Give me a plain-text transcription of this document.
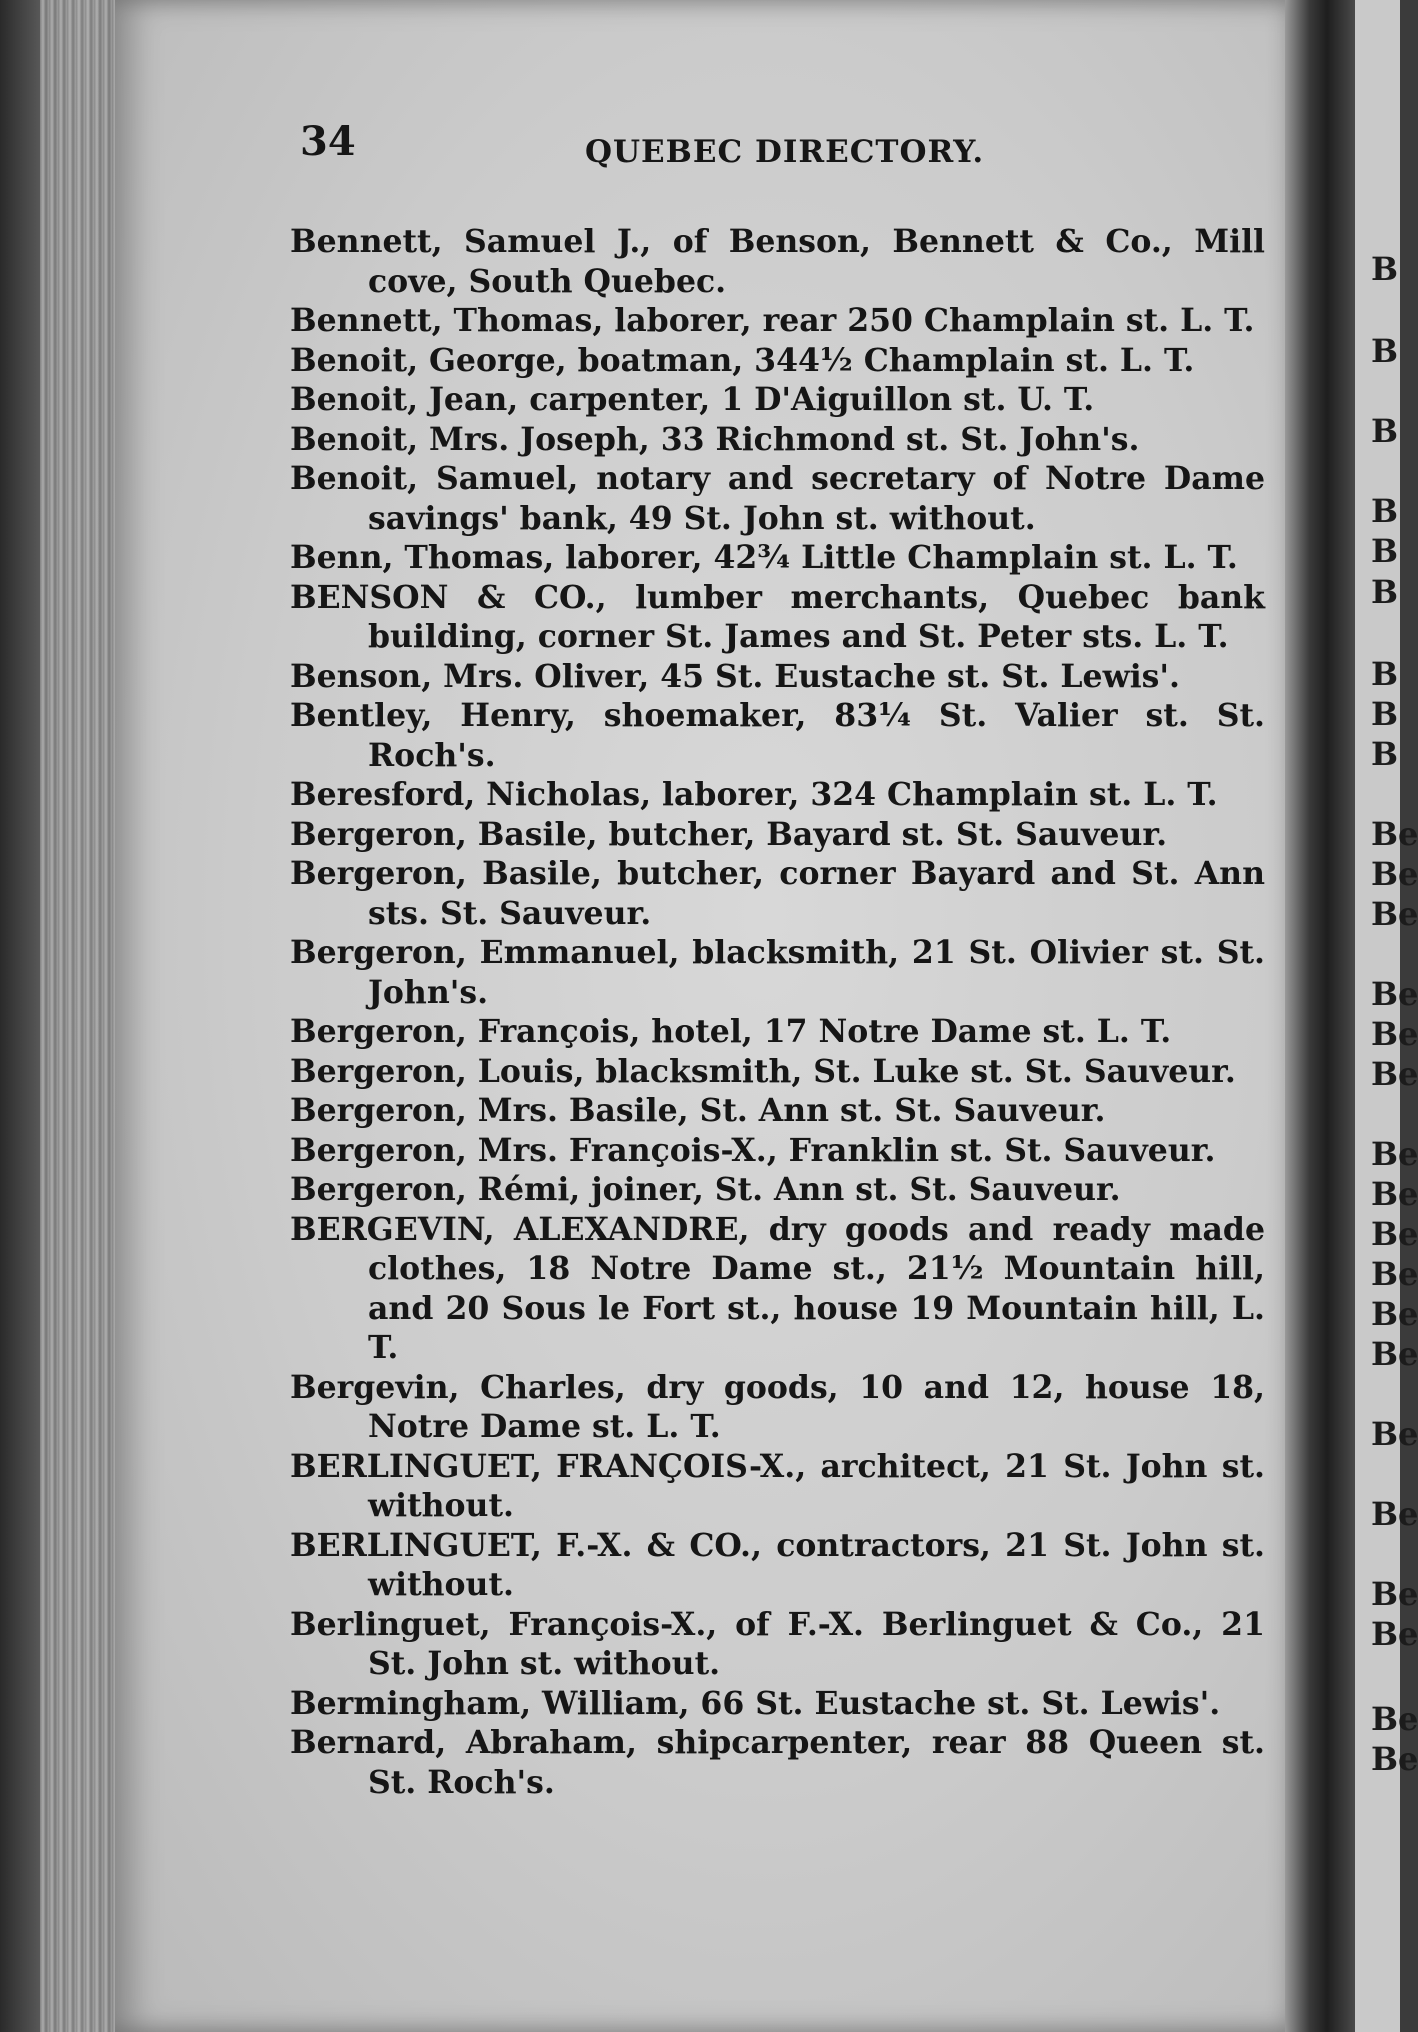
34	QUEBEC DIRECTORY.

Bennett, Samuel J., of Benson, Bennett & Co., Mill cove, South Quebec.

Bennett, Thomas, laborer, rear 250 Champlain st. L. T.

Benoit, George, boatman, 344½ Champlain st. L. T.

Benoit, Jean, carpenter, 1 D'Aiguillon st. U. T.

Benoit, Mrs. Joseph, 33 Richmond st. St. John's.

Benoit, Samuel, notary and secretary of Notre Dame savings' bank, 49 St. John st. without.

Benn, Thomas, laborer, 42¾ Little Champlain st. L. T.

BENSON & CO., lumber merchants, Quebec bank building, corner St. James and St. Peter sts. L. T.

Benson, Mrs. Oliver, 45 St. Eustache st. St. Lewis'.

Bentley, Henry, shoemaker, 83¼ St. Valier st. St. Roch's.

Beresford, Nicholas, laborer, 324 Champlain st. L. T.

Bergeron, Basile, butcher, Bayard st. St. Sauveur.

Bergeron, Basile, butcher, corner Bayard and St. Ann sts. St. Sauveur.

Bergeron, Emmanuel, blacksmith, 21 St. Olivier st. St. John's.

Bergeron, François, hotel, 17 Notre Dame st. L. T.

Bergeron, Louis, blacksmith, St. Luke st. St. Sauveur.

Bergeron, Mrs. Basile, St. Ann st. St. Sauveur.

Bergeron, Mrs. François-X., Franklin st. St. Sauveur.

Bergeron, Rémi, joiner, St. Ann st. St. Sauveur.

BERGEVIN, ALEXANDRE, dry goods and ready made clothes, 18 Notre Dame st., 21½ Mountain hill, and 20 Sous le Fort st., house 19 Mountain hill, L. T.

Bergevin, Charles, dry goods, 10 and 12, house 18, Notre Dame st. L. T.

BERLINGUET, FRANÇOIS-X., architect, 21 St. John st. without.

BERLINGUET, F.-X. & CO., contractors, 21 St. John st. without.

Berlinguet, François-X., of F.-X. Berlinguet & Co., 21 St. John st. without.

Bermingham, William, 66 St. Eustache st. St. Lewis'.

Bernard, Abraham, shipcarpenter, rear 88 Queen st. St. Roch's.

B
B
B
B
B
B
B
B
B
Be
Be
Be
Be
Be
Be
Be
Be
Be
Be
Be
Be
Be
Be
Be
Be
Be
Be
